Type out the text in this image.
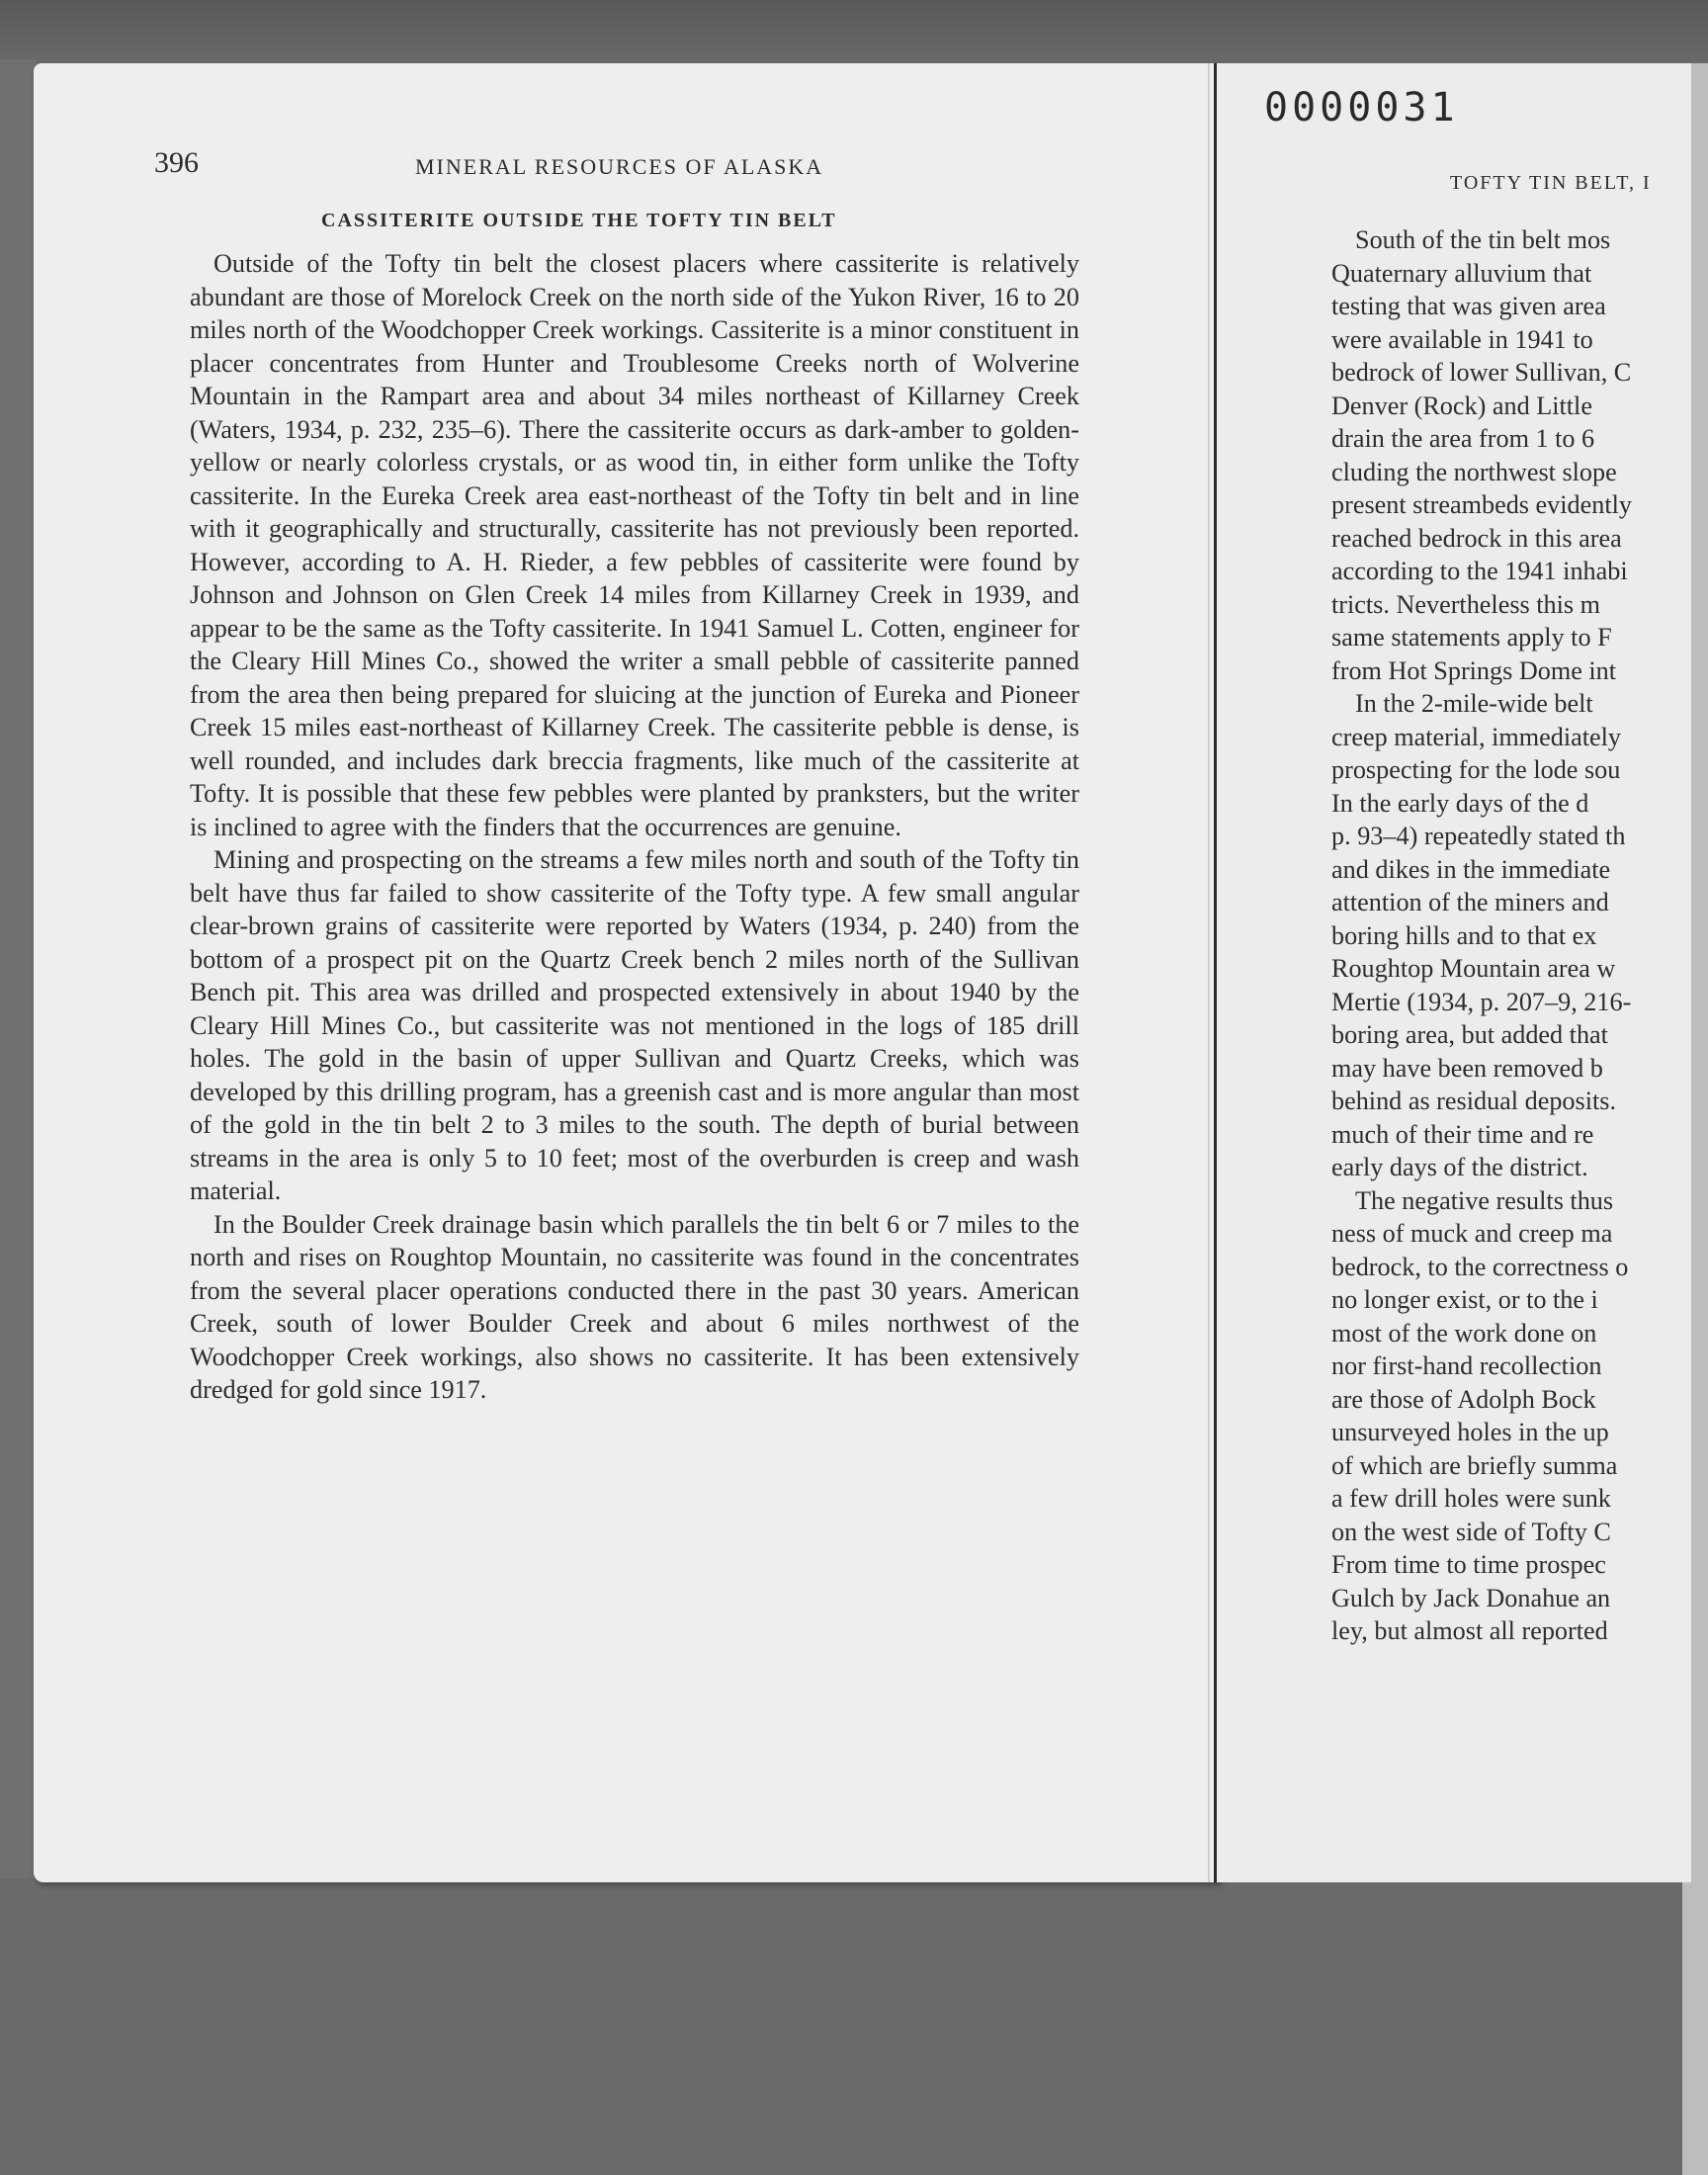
396	MINERAL RESOURCES OF ALASKA
CASSITERITE OUTSIDE THE TOFTY TIN BELT

Outside of the Tofty tin belt the closest placers where cassiterite is relatively abundant are those of Morelock Creek on the north side of the Yukon River, 16 to 20 miles north of the Woodchopper Creek workings. Cassiterite is a minor constituent in placer concentrates from Hunter and Troublesome Creeks north of Wolverine Mountain in the Rampart area and about 34 miles northeast of Killarney Creek (Waters, 1934, p. 232, 235–6). There the cassiterite occurs as dark-amber to golden-yellow or nearly colorless crystals, or as wood tin, in either form unlike the Tofty cassiterite. In the Eureka Creek area east-northeast of the Tofty tin belt and in line with it geographically and structurally, cassiterite has not previously been reported. However, according to A. H. Rieder, a few pebbles of cassiterite were found by Johnson and Johnson on Glen Creek 14 miles from Killarney Creek in 1939, and appear to be the same as the Tofty cassiterite. In 1941 Samuel L. Cotten, engineer for the Cleary Hill Mines Co., showed the writer a small pebble of cassiterite panned from the area then being prepared for sluicing at the junction of Eureka and Pioneer Creek 15 miles east-northeast of Killarney Creek. The cassiterite pebble is dense, is well rounded, and includes dark breccia fragments, like much of the cassiterite at Tofty. It is possible that these few pebbles were planted by pranksters, but the writer is inclined to agree with the finders that the occurrences are genuine.

Mining and prospecting on the streams a few miles north and south of the Tofty tin belt have thus far failed to show cassiterite of the Tofty type. A few small angular clear-brown grains of cassiterite were reported by Waters (1934, p. 240) from the bottom of a prospect pit on the Quartz Creek bench 2 miles north of the Sullivan Bench pit. This area was drilled and prospected extensively in about 1940 by the Cleary Hill Mines Co., but cassiterite was not mentioned in the logs of 185 drill holes. The gold in the basin of upper Sullivan and Quartz Creeks, which was developed by this drilling program, has a greenish cast and is more angular than most of the gold in the tin belt 2 to 3 miles to the south. The depth of burial between streams in the area is only 5 to 10 feet; most of the overburden is creep and wash material.

In the Boulder Creek drainage basin which parallels the tin belt 6 or 7 miles to the north and rises on Roughtop Mountain, no cassiterite was found in the concentrates from the several placer operations conducted there in the past 30 years. American Creek, south of lower Boulder Creek and about 6 miles northwest of the Woodchopper Creek workings, also shows no cassiterite. It has been extensively dredged for gold since 1917.

0000031
TOFTY TIN BELT, I
South of the tin belt mos
Quaternary alluvium that
testing that was given area
were available in 1941 to
bedrock of lower Sullivan, C
Denver (Rock) and Little
drain the area from 1 to 6
cluding the northwest slope
present streambeds evidently
reached bedrock in this area
according to the 1941 inhabi
tricts. Nevertheless this m
same statements apply to F
from Hot Springs Dome int
In the 2-mile-wide belt
creep material, immediately
prospecting for the lode sou
In the early days of the d
p. 93–4) repeatedly stated th
and dikes in the immediate
attention of the miners and
boring hills and to that ex
Roughtop Mountain area w
Mertie (1934, p. 207–9, 216-
boring area, but added that
may have been removed b
behind as residual deposits.
much of their time and re
early days of the district.
The negative results thus
ness of muck and creep ma
bedrock, to the correctness o
no longer exist, or to the i
most of the work done on
nor first-hand recollection
are those of Adolph Bock
unsurveyed holes in the up
of which are briefly summa
a few drill holes were sunk
on the west side of Tofty C
From time to time prospec
Gulch by Jack Donahue an
ley, but almost all reported
